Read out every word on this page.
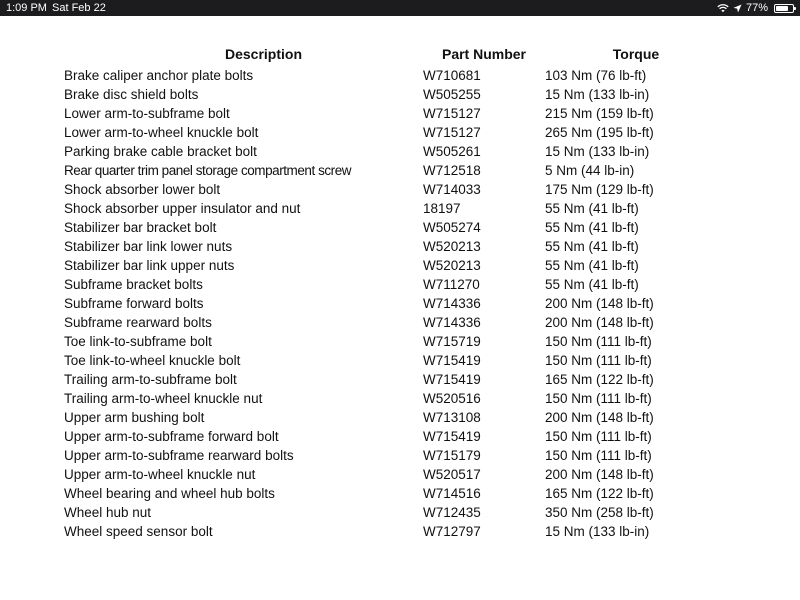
1:09 PM Sat Feb 22	77%
Description	Part Number	Torque
Brake caliper anchor plate bolts	W710681	103 Nm (76 lb-ft)
Brake disc shield bolts	W505255	15 Nm (133 lb-in)
Lower arm-to-subframe bolt	W715127	215 Nm (159 lb-ft)
Lower arm-to-wheel knuckle bolt	W715127	265 Nm (195 lb-ft)
Parking brake cable bracket bolt	W505261	15 Nm (133 lb-in)
Rear quarter trim panel storage compartment screw	W712518	5 Nm (44 lb-in)
Shock absorber lower bolt	W714033	175 Nm (129 lb-ft)
Shock absorber upper insulator and nut	18197	55 Nm (41 lb-ft)
Stabilizer bar bracket bolt	W505274	55 Nm (41 lb-ft)
Stabilizer bar link lower nuts	W520213	55 Nm (41 lb-ft)
Stabilizer bar link upper nuts	W520213	55 Nm (41 lb-ft)
Subframe bracket bolts	W711270	55 Nm (41 lb-ft)
Subframe forward bolts	W714336	200 Nm (148 lb-ft)
Subframe rearward bolts	W714336	200 Nm (148 lb-ft)
Toe link-to-subframe bolt	W715719	150 Nm (111 lb-ft)
Toe link-to-wheel knuckle bolt	W715419	150 Nm (111 lb-ft)
Trailing arm-to-subframe bolt	W715419	165 Nm (122 lb-ft)
Trailing arm-to-wheel knuckle nut	W520516	150 Nm (111 lb-ft)
Upper arm bushing bolt	W713108	200 Nm (148 lb-ft)
Upper arm-to-subframe forward bolt	W715419	150 Nm (111 lb-ft)
Upper arm-to-subframe rearward bolts	W715179	150 Nm (111 lb-ft)
Upper arm-to-wheel knuckle nut	W520517	200 Nm (148 lb-ft)
Wheel bearing and wheel hub bolts	W714516	165 Nm (122 lb-ft)
Wheel hub nut	W712435	350 Nm (258 lb-ft)
Wheel speed sensor bolt	W712797	15 Nm (133 lb-in)
